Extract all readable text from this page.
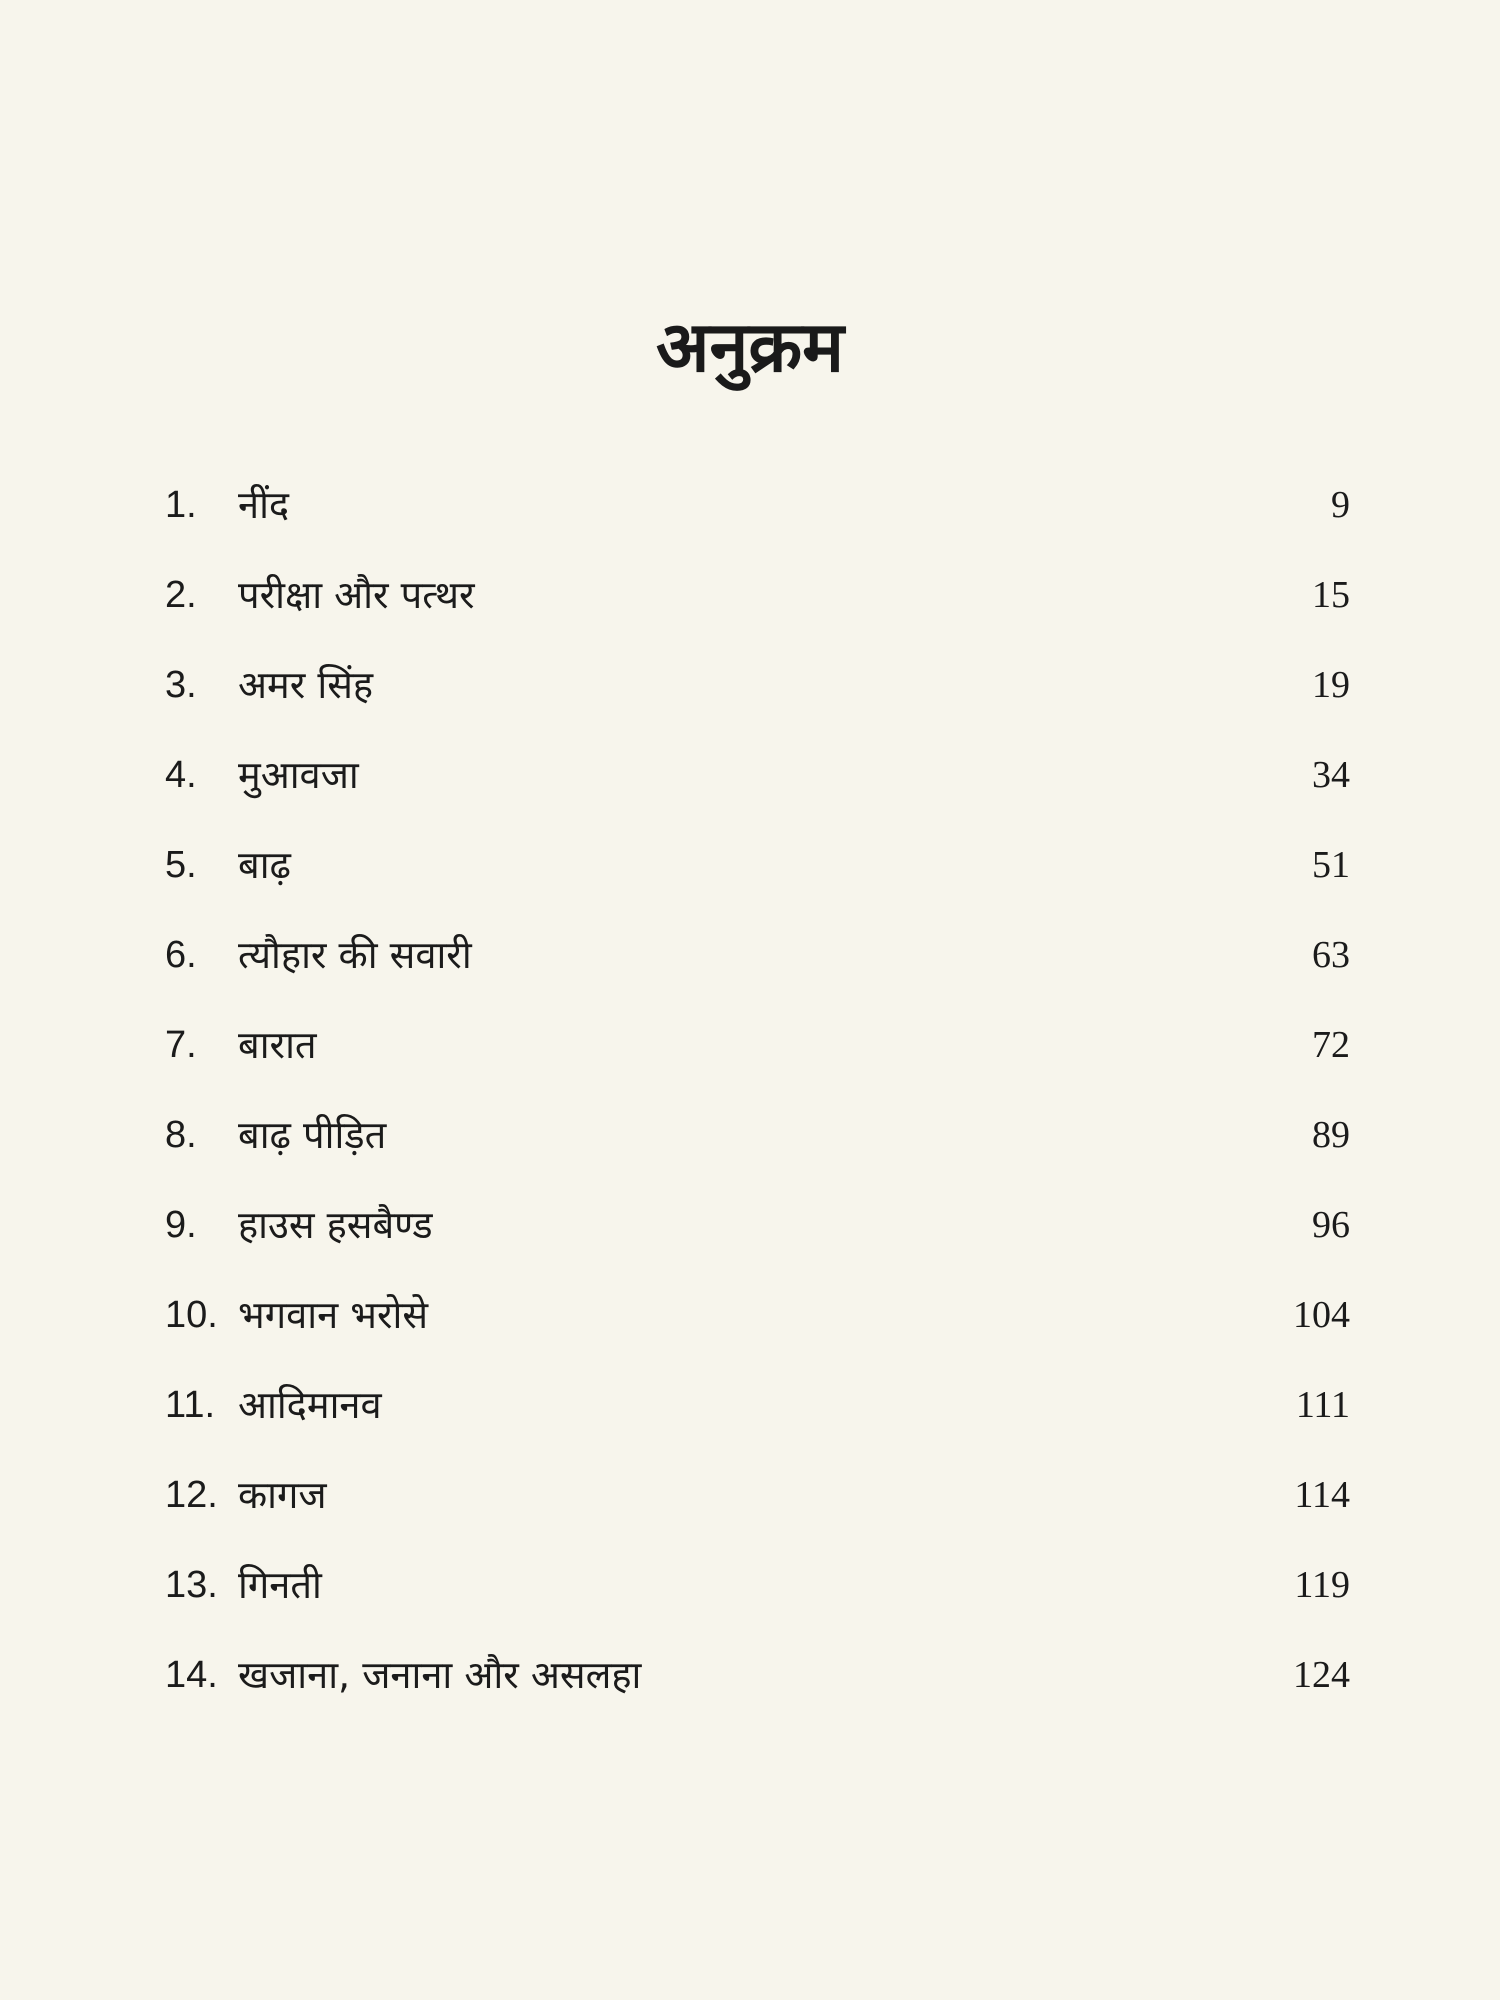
अनुक्रम
1. नींद	9
2. परीक्षा और पत्थर	15
3. अमर सिंह	19
4. मुआवजा	34
5. बाढ़	51
6. त्यौहार की सवारी	63
7. बारात	72
8. बाढ़ पीड़ित	89
9. हाउस हसबैण्ड	96
10. भगवान भरोसे	104
11. आदिमानव	111
12. कागज	114
13. गिनती	119
14. खजाना, जनाना और असलहा	124
